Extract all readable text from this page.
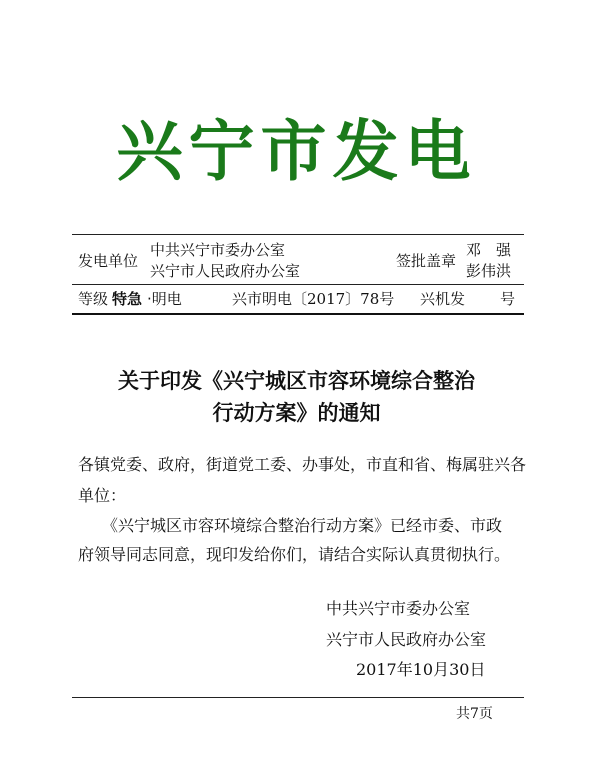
兴宁市发电
发电单位
中共兴宁市委办公室
兴宁市人民政府办公室
签批盖章
邓　强
彭伟洪
等级 特急 ·明电	兴市明电〔2017〕78号 兴机发 号
关于印发《兴宁城区市容环境综合整治
行动方案》的通知
各镇党委、政府，街道党工委、办事处，市直和省、梅属驻兴各
单位：
　　《兴宁城区市容环境综合整治行动方案》已经市委、市政
府领导同志同意，现印发给你们，请结合实际认真贯彻执行。
中共兴宁市委办公室
兴宁市人民政府办公室
2017年10月30日
共7页
